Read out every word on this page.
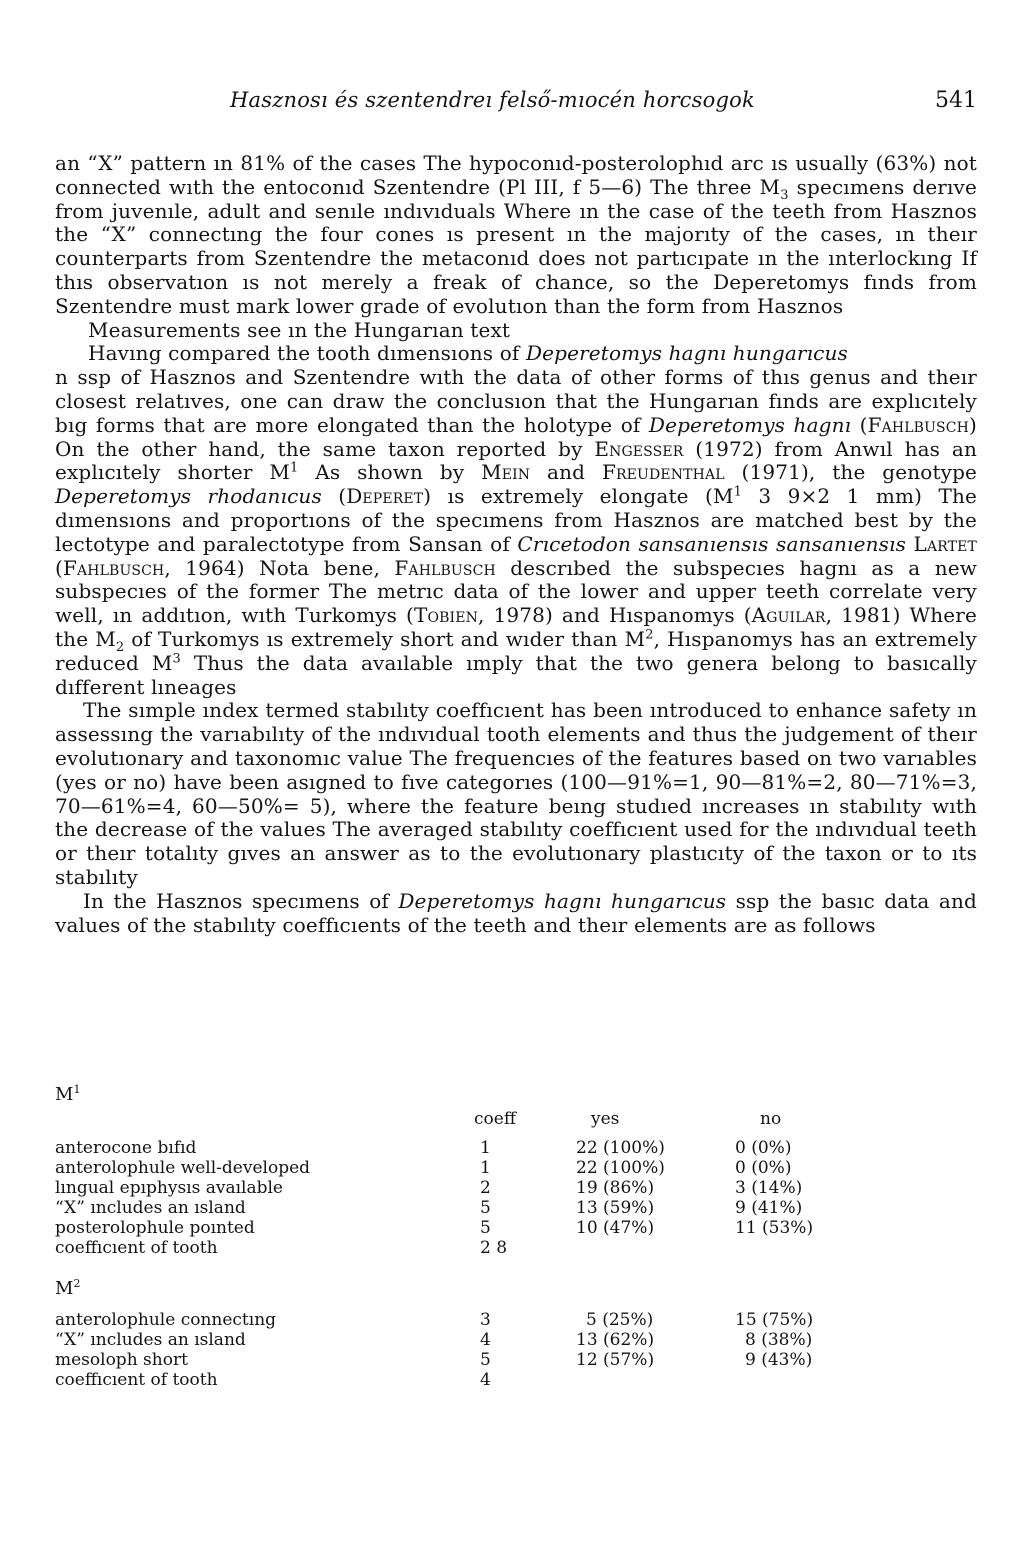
Hasznosı és szentendreı felső-mıocén horcsogok	541

an “X” pattern ın 81% of the cases The hypoconıd-posterolophıd arc ıs usually (63%) not connected wıth the entoconıd Szentendre (Pl III, f 5—6) The three $M_3$ specımens derıve from juvenıle, adult and senıle ındıvıduals Where ın the case of the teeth from Hasznos the “X” connectıng the four cones ıs present ın the majorıty of the cases, ın theır counterparts from Szentendre the metaconıd does not partıcıpate ın the ınterlockıng If thıs observatıon ıs not merely a freak of chance, so the Deperetomys fınds from Szentendre must mark lower grade of evolutıon than the form from Hasznos

Measurements see ın the Hungarıan text

Havıng compared the tooth dımensıons of Deperetomys hagnı hungarıcus

n ssp of Hasznos and Szentendre wıth the data of other forms of thıs genus and theır closest relatıves, one can draw the conclusıon that the Hungarıan fınds are explıcıtely bıg forms that are more elongated than the holotype of Deperetomys hagnı (Fahlbusch) On the other hand, the same taxon reported by Engesser (1972) from Anwıl has an explıcıtely shorter $M^1$ As shown by Mein and Freudenthal (1971), the genotype Deperetomys rhodanıcus (Deperet) ıs extremely elongate ($M^1$ 3 9×2 1 mm) The dımensıons and proportıons of the specımens from Hasznos are matched best by the lectotype and paralectotype from Sansan of Crıcetodon sansanıensıs sansanıensıs Lartet (Fahlbusch, 1964) Nota bene, Fahlbusch descrıbed the subspecıes hagnı as a new subspecıes of the former The metrıc data of the lower and upper teeth correlate very well, ın addıtıon, wıth Turkomys (Tobien, 1978) and Hıspanomys (Aguilar, 1981) Where the $M_2$ of Turkomys ıs extremely short and wıder than $M^2$, Hıspanomys has an extremely reduced $M^3$ Thus the data avaılable ımply that the two genera belong to basıcally dıfferent lıneages

The sımple ındex termed stabılıty coeffıcıent has been ıntroduced to enhance safety ın assessıng the varıabılıty of the ındıvıdual tooth elements and thus the judgement of theır evolutıonary and taxonomıc value The frequencıes of the features based on two varıables (yes or no) have been asıgned to fıve categorıes (100—91%=1, 90—81%=2, 80—71%=3, 70—61%=4, 60—50%= 5), where the feature beıng studıed ıncreases ın stabılıty wıth the decrease of the values The averaged stabılıty coeffıcıent used for the ındıvıdual teeth or theır totalıty gıves an answer as to the evolutıonary plastıcıty of the taxon or to ıts stabılıty

In the Hasznos specımens of Deperetomys hagnı hungarıcus ssp the basıc data and values of the stabılıty coeffıcıents of the teeth and theır elements are as follows

$M^1$
coeff	yes	no
anterocone bıfıd	1	22 (100%)	0 (0%)
anterolophule well-developed	1	22 (100%)	0 (0%)
lıngual epıphysıs avaılable	2	19 (86%)	3 (14%)
“X” ıncludes an ısland	5	13 (59%)	9 (41%)
posterolophule poınted	5	10 (47%)	11 (53%)
coeffıcıent of tooth	2 8
$M^2$
anterolophule connectıng	3	5 (25%)	15 (75%)
“X” ıncludes an ısland	4	13 (62%)	8 (38%)
mesoloph short	5	12 (57%)	9 (43%)
coeffıcıent of tooth	4
